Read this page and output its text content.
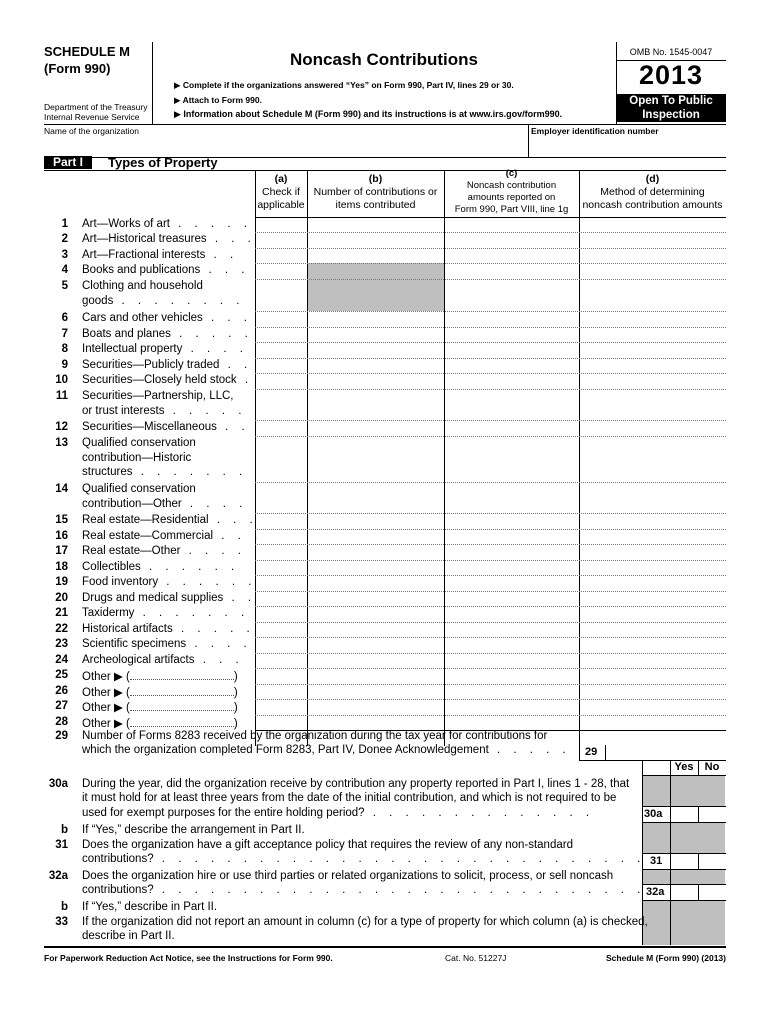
SCHEDULE M
(Form 990)
Department of the Treasury
Internal Revenue Service
Noncash Contributions
▶ Complete if the organizations answered “Yes” on Form 990, Part IV, lines 29 or 30.
▶ Attach to Form 990.
▶ Information about Schedule M (Form 990) and its instructions is at www.irs.gov/form990.
OMB No. 1545-0047
2013
Open To Public
Inspection
Name of the organization	Employer identification number
Part I	Types of Property
(a)
Check if
applicable
(b)
Number of contributions or
items contributed
(c)
Noncash contribution
amounts reported on
Form 990, Part VIII, line 1g
(d)
Method of determining
noncash contribution amounts
1 Art—Works of art . . . . .
2 Art—Historical treasures . . .
3 Art—Fractional interests . .
4 Books and publications . . .
5 Clothing and household
goods . . . . . . . .
6 Cars and other vehicles . . .
7 Boats and planes . . . . .
8 Intellectual property . . . .
9 Securities—Publicly traded . .
10 Securities—Closely held stock .
11 Securities—Partnership, LLC,
or trust interests . . . . .
12 Securities—Miscellaneous . .
13 Qualified conservation
contribution—Historic
structures . . . . . . .
14 Qualified conservation
contribution—Other . . . .
15 Real estate—Residential . . .
16 Real estate—Commercial . . .
17 Real estate—Other . . . .
18 Collectibles . . . . . .
19 Food inventory . . . . . .
20 Drugs and medical supplies . .
21 Taxidermy . . . . . . .
22 Historical artifacts . . . . .
23 Scientific specimens . . . .
24 Archeological artifacts . . .
25 Other ▶ (	)
26 Other ▶ (	)
27 Other ▶ (	)
28 Other ▶ (	)
29 Number of Forms 8283 received by the organization during the tax year for contributions for
which the organization completed Form 8283, Part IV, Donee Acknowledgement . . . . . 29
Yes	No
30a During the year, did the organization receive by contribution any property reported in Part I, lines 1 - 28, that
it must hold for at least three years from the date of the initial contribution, and which is not required to be
used for exempt purposes for the entire holding period? . . . . . . . . . . . . . .	30a
b If “Yes,” describe the arrangement in Part II.
31 Does the organization have a gift acceptance policy that requires the review of any non-standard
contributions? . . . . . . . . . . . . . . . . . . . . . . . . . . . . . . 31
32a Does the organization hire or use third parties or related organizations to solicit, process, or sell noncash
contributions? . . . . . . . . . . . . . . . . . . . . . . . . . . . . . . 32a
b If “Yes,” describe in Part II.
33 If the organization did not report an amount in column (c) for a type of property for which column (a) is checked,
describe in Part II.
For Paperwork Reduction Act Notice, see the Instructions for Form 990.	Cat. No. 51227J	Schedule M (Form 990) (2013)
